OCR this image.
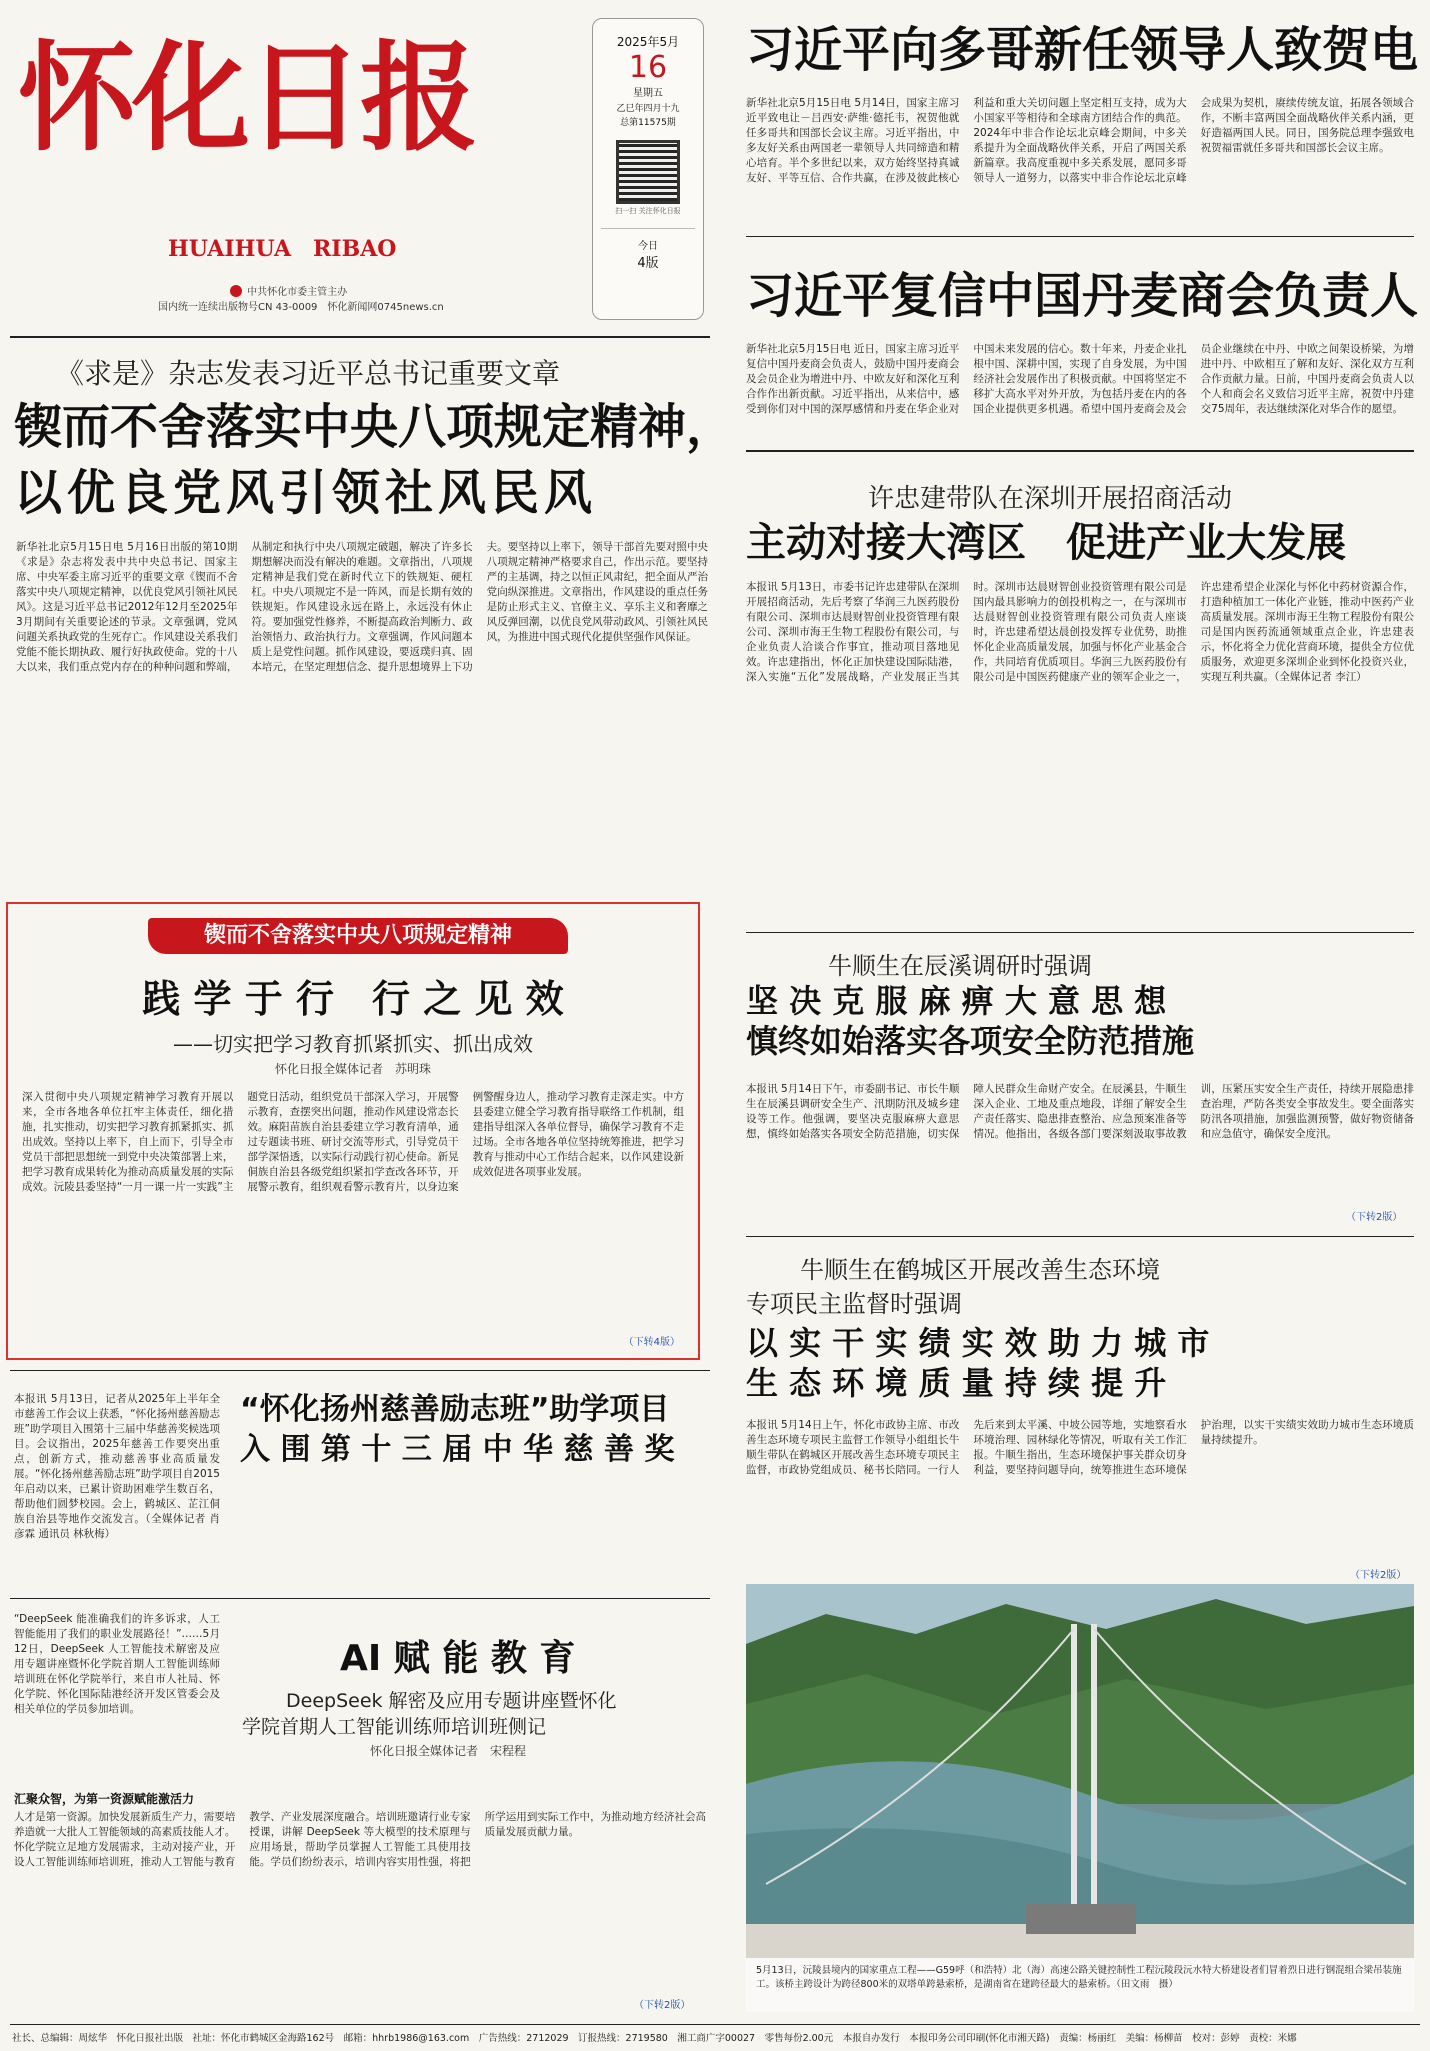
怀化日报
HUAIHUA　RIBAO
中共怀化市委主管主办
国内统一连续出版物号CN 43-0009　怀化新闻网0745news.cn
2025年5月
16
星期五
乙巳年四月十九
总第11575期
扫一扫 关注怀化日报
今日
4版
习近平向多哥新任领导人致贺电
新华社北京5月15日电 5月14日，国家主席习近平致电让－吕西安·萨维·德托韦，祝贺他就任多哥共和国部长会议主席。习近平指出，中多友好关系由两国老一辈领导人共同缔造和精心培育。半个多世纪以来，双方始终坚持真诚友好、平等互信、合作共赢，在涉及彼此核心利益和重大关切问题上坚定相互支持，成为大小国家平等相待和全球南方团结合作的典范。2024年中非合作论坛北京峰会期间，中多关系提升为全面战略伙伴关系，开启了两国关系新篇章。我高度重视中多关系发展，愿同多哥领导人一道努力，以落实中非合作论坛北京峰会成果为契机，赓续传统友谊，拓展各领域合作，不断丰富两国全面战略伙伴关系内涵，更好造福两国人民。同日，国务院总理李强致电祝贺福雷就任多哥共和国部长会议主席。
习近平复信中国丹麦商会负责人
新华社北京5月15日电 近日，国家主席习近平复信中国丹麦商会负责人，鼓励中国丹麦商会及会员企业为增进中丹、中欧友好和深化互利合作作出新贡献。习近平指出，从来信中，感受到你们对中国的深厚感情和丹麦在华企业对中国未来发展的信心。数十年来，丹麦企业扎根中国、深耕中国，实现了自身发展，为中国经济社会发展作出了积极贡献。中国将坚定不移扩大高水平对外开放，为包括丹麦在内的各国企业提供更多机遇。希望中国丹麦商会及会员企业继续在中丹、中欧之间架设桥梁，为增进中丹、中欧相互了解和友好、深化双方互利合作贡献力量。日前，中国丹麦商会负责人以个人和商会名义致信习近平主席，祝贺中丹建交75周年，表达继续深化对华合作的愿望。
《求是》杂志发表习近平总书记重要文章
锲而不舍落实中央八项规定精神，
以优良党风引领社风民风
新华社北京5月15日电 5月16日出版的第10期《求是》杂志将发表中共中央总书记、国家主席、中央军委主席习近平的重要文章《锲而不舍落实中央八项规定精神，以优良党风引领社风民风》。这是习近平总书记2012年12月至2025年3月期间有关重要论述的节录。文章强调，党风问题关系执政党的生死存亡。作风建设关系我们党能不能长期执政、履行好执政使命。党的十八大以来，我们重点党内存在的种种问题和弊端，从制定和执行中央八项规定破题，解决了许多长期想解决而没有解决的难题。文章指出，八项规定精神是我们党在新时代立下的铁规矩、硬杠杠。中央八项规定不是一阵风，而是长期有效的铁规矩。作风建设永远在路上，永远没有休止符。要加强党性修养，不断提高政治判断力、政治领悟力、政治执行力。文章强调，作风问题本质上是党性问题。抓作风建设，要返璞归真、固本培元，在坚定理想信念、提升思想境界上下功夫。要坚持以上率下，领导干部首先要对照中央八项规定精神严格要求自己，作出示范。要坚持严的主基调，持之以恒正风肃纪，把全面从严治党向纵深推进。文章指出，作风建设的重点任务是防止形式主义、官僚主义、享乐主义和奢靡之风反弹回潮，以优良党风带动政风、引领社风民风，为推进中国式现代化提供坚强作风保证。
许忠建带队在深圳开展招商活动
主动对接大湾区　促进产业大发展
本报讯 5月13日，市委书记许忠建带队在深圳开展招商活动，先后考察了华润三九医药股份有限公司、深圳市达晨财智创业投资管理有限公司、深圳市海王生物工程股份有限公司，与企业负责人洽谈合作事宜，推动项目落地见效。许忠建指出，怀化正加快建设国际陆港，深入实施“五化”发展战略，产业发展正当其时。深圳市达晨财智创业投资管理有限公司是国内最具影响力的创投机构之一，在与深圳市达晨财智创业投资管理有限公司负责人座谈时，许忠建希望达晨创投发挥专业优势，助推怀化企业高质量发展，加强与怀化产业基金合作，共同培育优质项目。华润三九医药股份有限公司是中国医药健康产业的领军企业之一，许忠建希望企业深化与怀化中药材资源合作，打造种植加工一体化产业链，推动中医药产业高质量发展。深圳市海王生物工程股份有限公司是国内医药流通领域重点企业，许忠建表示，怀化将全力优化营商环境，提供全方位优质服务，欢迎更多深圳企业到怀化投资兴业，实现互利共赢。（全媒体记者 李江）
锲而不舍落实中央八项规定精神
践 学 于 行　行 之 见 效
——切实把学习教育抓紧抓实、抓出成效
怀化日报全媒体记者　苏明珠
深入贯彻中央八项规定精神学习教育开展以来，全市各地各单位扛牢主体责任，细化措施，扎实推动，切实把学习教育抓紧抓实、抓出成效。坚持以上率下，自上而下，引导全市党员干部把思想统一到党中央决策部署上来，把学习教育成果转化为推动高质量发展的实际成效。沅陵县委坚持“一月一课一片一实践”主题党日活动，组织党员干部深入学习，开展警示教育，查摆突出问题，推动作风建设常态长效。麻阳苗族自治县委建立学习教育清单，通过专题读书班、研讨交流等形式，引导党员干部学深悟透，以实际行动践行初心使命。新晃侗族自治县各级党组织紧扣学查改各环节，开展警示教育，组织观看警示教育片，以身边案例警醒身边人，推动学习教育走深走实。中方县委建立健全学习教育指导联络工作机制，组建指导组深入各单位督导，确保学习教育不走过场。全市各地各单位坚持统筹推进，把学习教育与推动中心工作结合起来，以作风建设新成效促进各项事业发展。
（下转4版）
牛顺生在辰溪调研时强调
坚 决 克 服 麻 痹 大 意 思 想
慎终如始落实各项安全防范措施
本报讯 5月14日下午，市委副书记、市长牛顺生在辰溪县调研安全生产、汛期防汛及城乡建设等工作。他强调，要坚决克服麻痹大意思想，慎终如始落实各项安全防范措施，切实保障人民群众生命财产安全。在辰溪县，牛顺生深入企业、工地及重点地段，详细了解安全生产责任落实、隐患排查整治、应急预案准备等情况。他指出，各级各部门要深刻汲取事故教训，压紧压实安全生产责任，持续开展隐患排查治理，严防各类安全事故发生。要全面落实防汛各项措施，加强监测预警，做好物资储备和应急值守，确保安全度汛。
（下转2版）
牛顺生在鹤城区开展改善生态环境
专项民主监督时强调
以 实 干 实 绩 实 效 助 力 城 市
生 态 环 境 质 量 持 续 提 升
本报讯 5月14日上午，怀化市政协主席、市改善生态环境专项民主监督工作领导小组组长牛顺生带队在鹤城区开展改善生态环境专项民主监督，市政协党组成员、秘书长陪同。一行人先后来到太平溪、中坡公园等地，实地察看水环境治理、园林绿化等情况，听取有关工作汇报。牛顺生指出，生态环境保护事关群众切身利益，要坚持问题导向，统筹推进生态环境保护治理，以实干实绩实效助力城市生态环境质量持续提升。
（下转2版）
“怀化扬州慈善励志班”助学项目
入 围 第 十 三 届 中 华 慈 善 奖
本报讯 5月13日，记者从2025年上半年全市慈善工作会议上获悉，“怀化扬州慈善励志班”助学项目入围第十三届中华慈善奖候选项目。会议指出，2025年慈善工作要突出重点，创新方式，推动慈善事业高质量发展。“怀化扬州慈善励志班”助学项目自2015年启动以来，已累计资助困难学生数百名，帮助他们圆梦校园。会上，鹤城区、芷江侗族自治县等地作交流发言。（全媒体记者 肖彦霖 通讯员 林秋梅）
“DeepSeek 能准确我们的许多诉求，人工智能能用了我们的职业发展路径！”……5月12日，DeepSeek 人工智能技术解密及应用专题讲座暨怀化学院首期人工智能训练师培训班在怀化学院举行，来自市人社局、怀化学院、怀化国际陆港经济开发区管委会及相关单位的学员参加培训。
汇聚众智，为第一资源赋能激活力
AI 赋 能 教 育
DeepSeek 解密及应用专题讲座暨怀化
学院首期人工智能训练师培训班侧记
怀化日报全媒体记者　宋程程
人才是第一资源。加快发展新质生产力，需要培养造就一大批人工智能领域的高素质技能人才。怀化学院立足地方发展需求，主动对接产业，开设人工智能训练师培训班，推动人工智能与教育教学、产业发展深度融合。培训班邀请行业专家授课，讲解 DeepSeek 等大模型的技术原理与应用场景，帮助学员掌握人工智能工具使用技能。学员们纷纷表示，培训内容实用性强，将把所学运用到实际工作中，为推动地方经济社会高质量发展贡献力量。
（下转2版）
5月13日，沅陵县境内的国家重点工程——G59呼（和浩特）北（海）高速公路关键控制性工程沅陵段沅水特大桥建设者们冒着烈日进行钢混组合梁吊装施工。该桥主跨设计为跨径800米的双塔单跨悬索桥，是湖南省在建跨径最大的悬索桥。（田文雨　摄）
社长、总编辑：周炫华　怀化日报社出版　社址：怀化市鹤城区金海路162号　邮箱：hhrb1986@163.com　广告热线：2712029　订报热线：2719580　湘工商广字00027　零售每份2.00元　本报自办发行　本报印务公司印刷(怀化市湘天路)　责编：杨丽红　美编：杨柳苗　校对：彭婷　责校：米娜
